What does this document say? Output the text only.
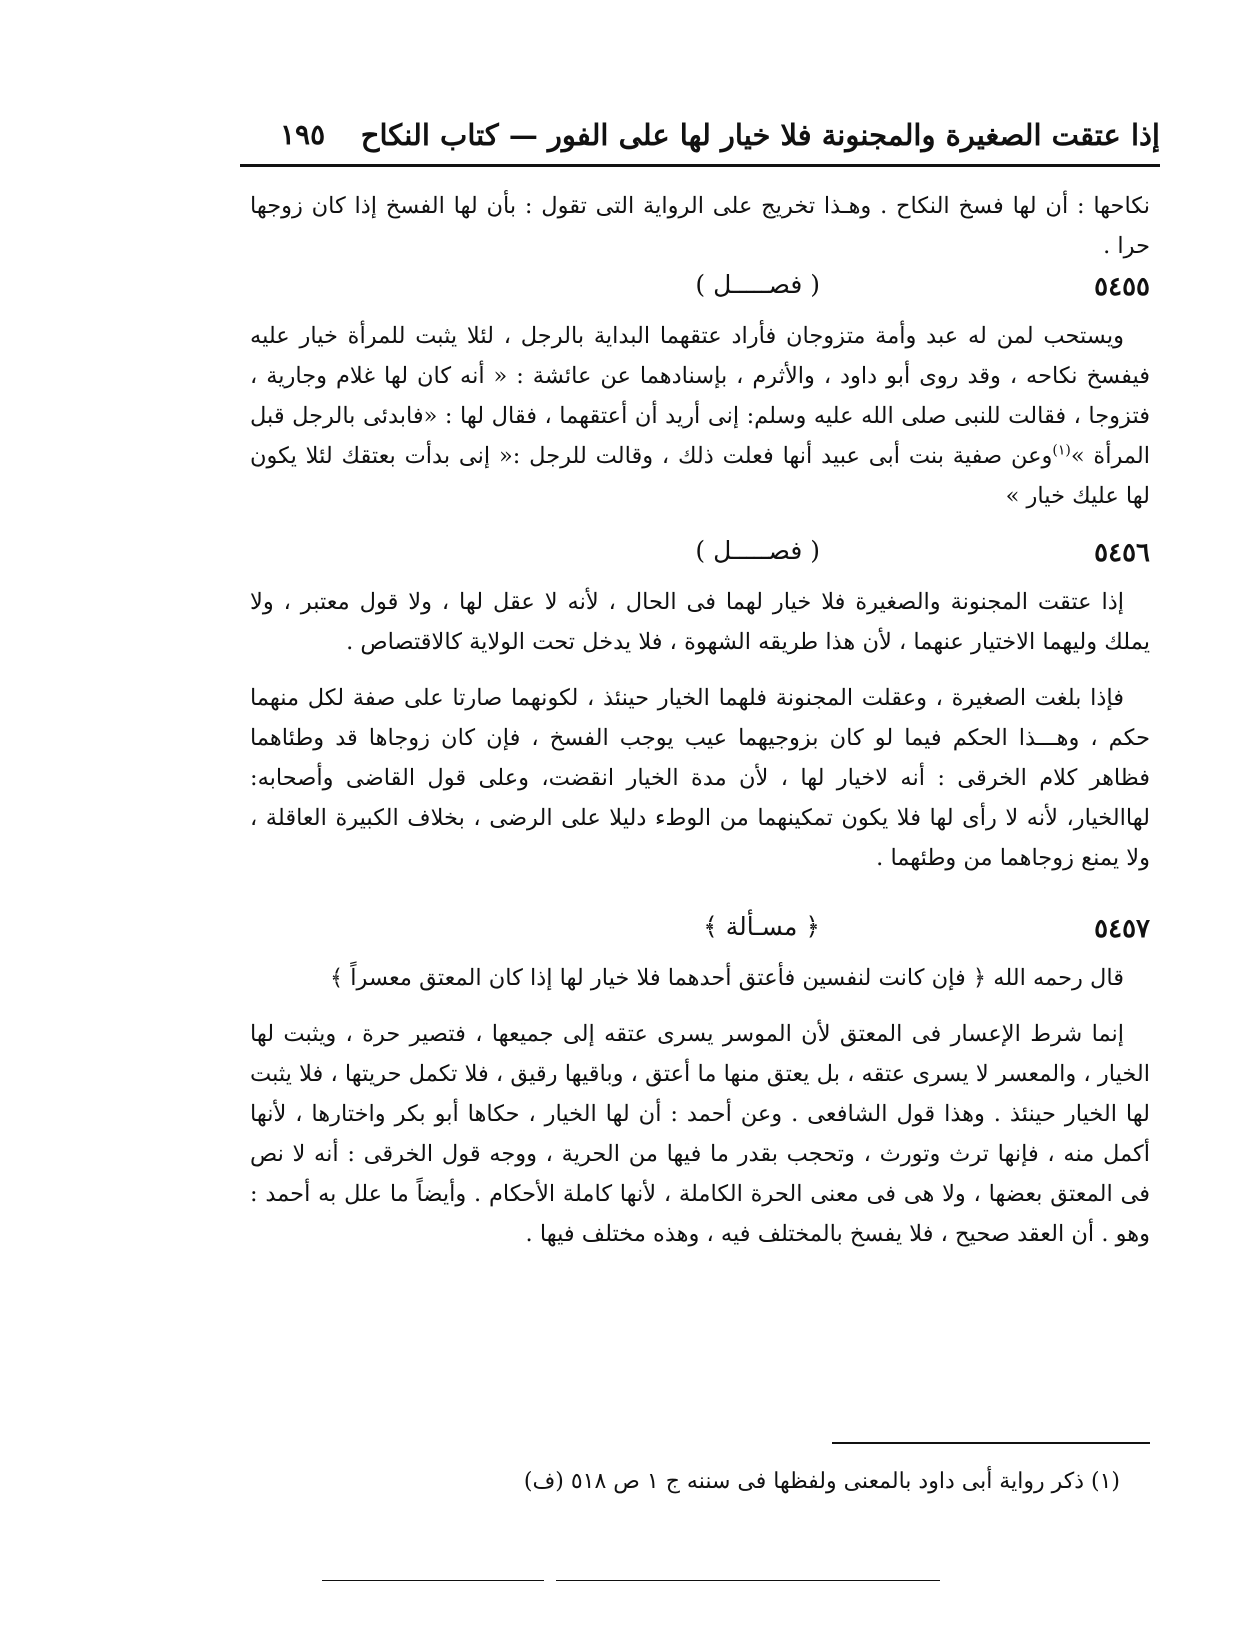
إذا عتقت الصغيرة والمجنونة فلا خيار لها على الفور — كتاب النكاح
١٩٥

نكاحها : أن لها فسخ النكاح . وهـذا تخريج على الرواية التى تقول : بأن لها الفسخ إذا كان زوجها حرا .

٥٤٥٥
( فصـــــل )

ويستحب لمن له عبد وأمة متزوجان فأراد عتقهما البداية بالرجل ، لئلا يثبت للمرأة خيار عليه فيفسخ نكاحه ، وقد روى أبو داود ، والأثرم ، بإسنادهما عن عائشة : « أنه كان لها غلام وجارية ، فتزوجا ، فقالت للنبى صلى الله عليه وسلم: إنى أريد أن أعتقهما ، فقال لها : «فابدئى بالرجل قبل المرأة »$^{(١)}$وعن صفية بنت أبى عبيد أنها فعلت ذلك ، وقالت للرجل :« إنى بدأت بعتقك لئلا يكون لها عليك خيار »

٥٤٥٦
( فصـــــل )

إذا عتقت المجنونة والصغيرة فلا خيار لهما فى الحال ، لأنه لا عقل لها ، ولا قول معتبر ، ولا يملك وليهما الاختيار عنهما ، لأن هذا طريقه الشهوة ، فلا يدخل تحت الولاية كالاقتصاص .

فإذا بلغت الصغيرة ، وعقلت المجنونة فلهما الخيار حينئذ ، لكونهما صارتا على صفة لكل منهما حكم ، وهـــذا الحكم فيما لو كان بزوجيهما عيب يوجب الفسخ ، فإن كان زوجاها قد وطئاهما فظاهر كلام الخرقى : أنه لاخيار لها ، لأن مدة الخيار انقضت، وعلى قول القاضى وأصحابه: لهاالخيار، لأنه لا رأى لها فلا يكون تمكينهما من الوطء دليلا على الرضى ، بخلاف الكبيرة العاقلة ، ولا يمنع زوجاهما من وطئهما .

٥٤٥٧
﴿ مسـألة ﴾

قال رحمه الله ﴿ فإن كانت لنفسين فأعتق أحدهما فلا خيار لها إذا كان المعتق معسراً ﴾

إنما شرط الإعسار فى المعتق لأن الموسر يسرى عتقه إلى جميعها ، فتصير حرة ، ويثبت لها الخيار ، والمعسر لا يسرى عتقه ، بل يعتق منها ما أعتق ، وباقيها رقيق ، فلا تكمل حريتها ، فلا يثبت لها الخيار حينئذ . وهذا قول الشافعى . وعن أحمد : أن لها الخيار ، حكاها أبو بكر واختارها ، لأنها أكمل منه ، فإنها ترث وتورث ، وتحجب بقدر ما فيها من الحرية ، ووجه قول الخرقى : أنه لا نص فى المعتق بعضها ، ولا هى فى معنى الحرة الكاملة ، لأنها كاملة الأحكام . وأيضاً ما علل به أحمد : وهو . أن العقد صحيح ، فلا يفسخ بالمختلف فيه ، وهذه مختلف فيها .

(١) ذكر رواية أبى داود بالمعنى ولفظها فى سننه ج ١ ص ٥١٨ (ف)
